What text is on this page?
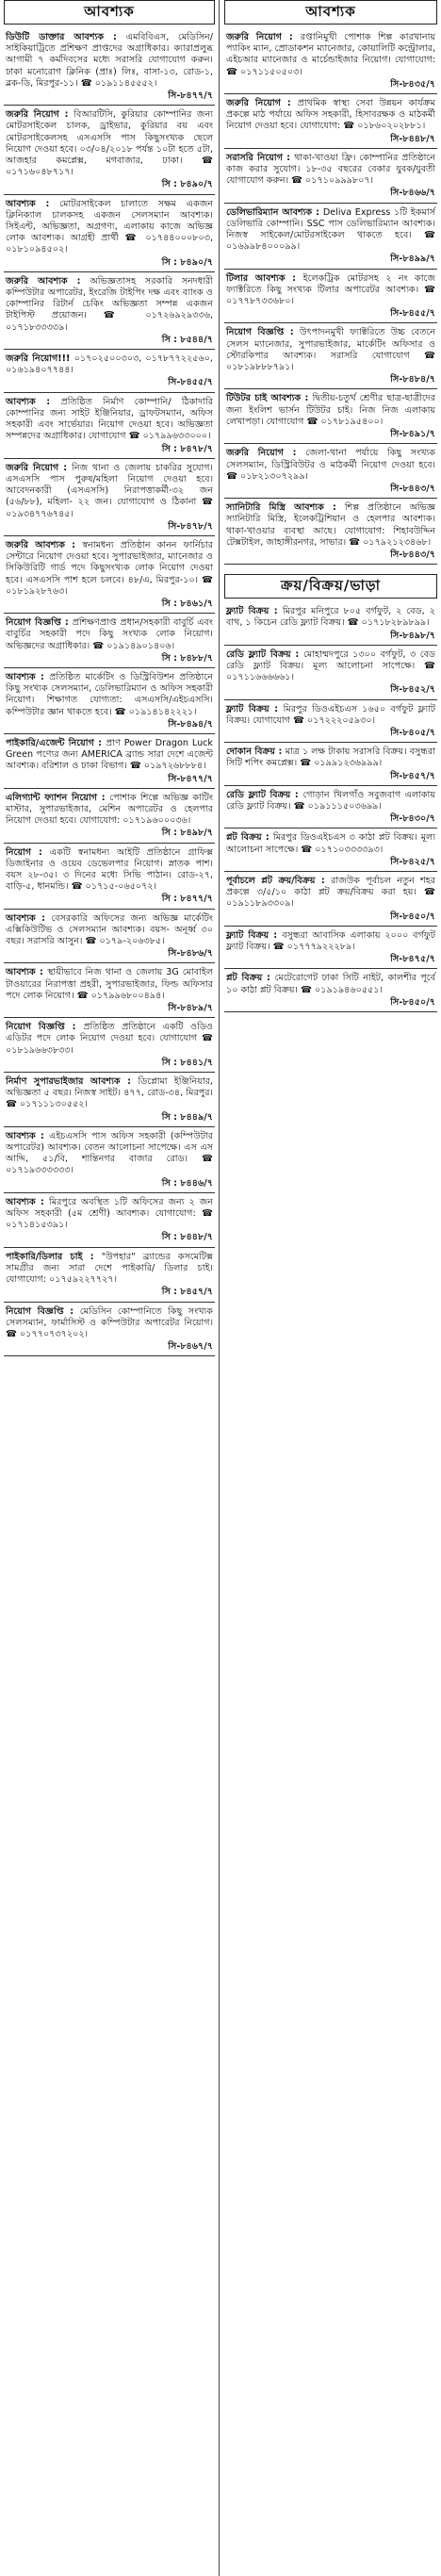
আবশ্যক
ডিউটি ডাক্তার আবশ্যক : এমবিবিএস, মেডিসিন/ সাইকিয়াট্রিতে প্রশিক্ষণ প্রাপ্তদের অগ্রাধিকার। ক্যারাপ্রলুব্ধ আগামী ৭ কর্মদিবসের মধ্যে সরাসরি যোগাযোগ করুন। ঢাকা মনোরোগ ক্লিনিক (প্রাঃ) লিঃ, বাসা-১৩, রোড-১, ব্লক-ডি, মিরপুর-১১। ☎ ০১৯১১৪৫৫৫২।
সি-৮৪৭৭/৭
জরুরি নিয়োগ : বিআরটিসি, কুরিয়ার কোম্পানির জন্য মোটরসাইকেল চালক, ড্রাইভার, কুরিয়ার বয় এবং মোটরসাইকেলসহ এসএসসি পাস কিছুসংখ্যক ছেলে নিয়োগ দেওয়া হবে। ০৩/০৪/২০১৮ পর্যন্ত ১০টা হতে ৫টা, আজহার কমপ্লেক্স, মগবাজার, ঢাকা। ☎ ০১৭১৬০৪৮৭১৭।
সি : ৮৪৯০/৭
আবশ্যক : মোটরসাইকেল চালাতে সক্ষম একজন ক্লিনিক্যাল চালকসহ একজন সেলসম্যান আবশ্যক। সিইএন্ট, অভিজ্ঞতা, অগ্রগণ্য, এলাকায় কাজে অভিজ্ঞ লোক আবশ্যক। আগ্রহী প্রার্থী ☎ ০১৭৪৪০০০৮০৩, ০১৮১০৯৪৫০২।
সি : ৮৪৯০/৭
জরুরি আবশ্যক : অভিজ্ঞতাসহ সরকারি সনদধারী কম্পিউটার অপারেটর, ইংরেজি টাইপিং দক্ষ এবং ব্যাংক ও কোম্পানির রিটার্ন চেকিং অভিজ্ঞতা সম্পন্ন একজন টাইপিস্ট প্রয়োজন। ☎ ০১৭২৬৯২৯৩৩৬, ০১৭১৮৩৩৩৩৯।
সি : ৮৫৪৪/৭
জরুরি নিয়োগ!!! ০১৭০২৫০০৩০৩, ০১৭৮৭৭২২৫৬০, ০১৬১৯৪০৭৭৪৪।
সি-৮৪৫৫/৭
আবশ্যক : প্রতিষ্ঠিত নির্মাণ কোম্পানি/ ঠিকাদারি কোম্পানির জন্য সাইট ইঞ্জিনিয়ার, ড্রাফটসম্যান, অফিস সহকারী এবং সার্ভেয়ার। নিয়োগ দেওয়া হবে। অভিজ্ঞতা সম্পন্নদের অগ্রাধিকার। যোগাযোগ ☎ ০১৭৯৯৬৩৩০০০।
সি : ৮৪৭৮/৭
জরুরি নিয়োগ : নিজ থানা ও জেলায় চাকরির সুযোগ। এসএসসি পাস পুরুষ/মহিলা নিয়োগ দেওয়া হবে। আবেদনকারী (এসএসসি) নিরাপত্তাকর্মী-৩২ জন (৫৬/৮৮), মহিলা- ২২ জন। যোগাযোগ ও ঠিকানা ☎ ০১৯৩৪৭৭৬৭৪৫।
সি-৮৪৭৮/৭
জরুরি আবশ্যক : স্বনামধন্য প্রতিষ্ঠান কানন ফার্নিচার সেন্টারে নিয়োগ দেওয়া হবে। সুপারভাইজার, ম্যানেজার ও সিকিউরিটি গার্ড পদে কিছুসংখ্যক লোক নিয়োগ দেওয়া হবে। এসএসসি পাশ হলে চলবে। ৪৮/এ, মিরপুর-১০। ☎ ০১৮১৯২৮৭৬৩।
সি : ৮৪৬১/৭
নিয়োগ বিজ্ঞপ্তি : প্রশিক্ষণপ্রাপ্ত প্রধান/সহকারী বাবুর্চি এবং বাবুর্চির সহকারী পদে কিছু সংখ্যক লোক নিয়োগ। অভিজ্ঞদের অগ্রাধিকার। ☎ ০১৯১৪৯০১৪০৬।
সি : ৮৪৮৮/৭
আবশ্যক : প্রতিষ্ঠিত মার্কেটিং ও ডিস্ট্রিবিউশন প্রতিষ্ঠানে কিছু সংখ্যক সেলসম্যান, ডেলিভারিম্যান ও অফিস সহকারী নিয়োগ। শিক্ষাগত যোগ্যতা: এসএসসি/এইচএসসি। কম্পিউটার জ্ঞান থাকতে হবে। ☎ ০১৯১৪১৪২২২১।
সি-৮৪৯৪/৭
পাইকারি/এজেন্ট নিয়োগ : প্রাণ Power Dragon Luck Green পণ্যের জন্য AMERICA ব্র্যান্ড সারা দেশে এজেন্ট আবশ্যক। বরিশাল ও ঢাকা বিভাগ। ☎ ০১৯৭২৬৮৮৮৪।
সি-৮৪৭৭/৭
এলিগ্যান্ট ফ্যাশন নিয়োগ : পোশাক শিল্পে অভিজ্ঞ কাটিং মাস্টার, সুপারভাইজার, মেশিন অপারেটর ও হেলপার নিয়োগ দেওয়া হবে। যোগাযোগ: ০১৭১৯৬০০০৩৬।
সি : ৮৪৯৮/৭
নিয়োগ : একটি স্বনামধন্য আইটি প্রতিষ্ঠানে গ্রাফিক্স ডিজাইনার ও ওয়েব ডেভেলপার নিয়োগ। স্নাতক পাশ। বয়স ২৮-৩৫। ৩ দিনের মধ্যে সিভি পাঠান। রোড-২৭, বাড়ি-৫, ধানমন্ডি। ☎ ০১৭১৫-০৬৫০৭২।
সি : ৮৪৭৭/৭
আবশ্যক : বেসরকারি অফিসের জন্য অভিজ্ঞ মার্কেটিং এক্সিকিউটিভ ও সেলসম্যান আবশ্যক। বয়স- অনূর্ধ্ব ৩০ বছর। সরাসরি আসুন। ☎ ০১৭৯-২০৬৩৮৫।
সি-৮৪৮৬/৭
আবশ্যক : স্থায়ীভাবে নিজ থানা ও জেলায় 3G মোবাইল টাওয়ারের নিরাপত্তা প্রহরী, সুপারভাইজার, ফিল্ড অফিসার পদে লোক নিয়োগ। ☎ ০১৭৯৯৬৮০০৪৯৪।
সি-৮৪৮৯/৭
নিয়োগ বিজ্ঞপ্তি : প্রতিষ্ঠিত প্রতিষ্ঠানে একটি ওডিও এডিটর পদে লোক নিয়োগ দেওয়া হবে। যোগাযোগ ☎ ০১৮১৯৬৬৩৮৩৩।
সি : ৮৪৪১/৭
নির্মাণ সুপারভাইজার আবশ্যক : ডিপ্লোমা ইঞ্জিনিয়ার, অভিজ্ঞতা ৫ বছর। নিজস্ব সাইট। ৪৭৭, রোড-৩৪, মিরপুর। ☎ ০১৭১১১৩০৫৫২।
সি : ৮৪৪৯/৭
আবশ্যক : এইচএসসি পাস অফিস সহকারী (কম্পিউটার অপারেটর) আবশ্যক। বেতন আলোচনা সাপেক্ষে। এস এস আদ্দি, ৫১/বি, শান্তিনগর বাজার রোড। ☎ ০১৭১৯৩৩৩৩৩৩।
সি : ৮৪৪৬/৭
আবশ্যক : মিরপুরে অবস্থিত ১টি অফিসের জন্য ২ জন অফিস সহকারী (৫ম শ্রেণী) আবশ্যক। যোগাযোগ: ☎ ০১৭১৪১৫৩৯১।
সি : ৮৪৪৮/৭
পাইকারি/ডিলার চাই : "উপহার" ব্র্যান্ডের কসমেটিক্স সামগ্রীর জন্য সারা দেশে পাইকারি/ ডিলার চাই। যোগাযোগ: ০১৭৫৯২২৭৭২৭।
সি : ৮৪৫৭/৭
নিয়োগ বিজ্ঞপ্তি : মেডিসিন কোম্পানিতে কিছু সংখ্যক সেলসম্যান, ফার্মাসিস্ট ও কম্পিউটার অপারেটর নিয়োগ। ☎ ০১৭৭০৭৩৭২০২।
সি-৮৪৬৭/৭
আবশ্যক
জরুরি নিয়োগ : রপ্তানিমুখী পোশাক শিল্প কারখানায় প্যাকিং ম্যান, প্রোডাকশন ম্যানেজার, কোয়ালিটি কন্ট্রোলার, এইচআর ম্যানেজার ও মার্চেন্ডাইজার নিয়োগ। যোগাযোগ: ☎ ০১৭১১৫০৫০৩।
সি-৮৪৩৫/৭
জরুরি নিয়োগ : প্রাথমিক স্বাস্থ্য সেবা উন্নয়ন কার্যক্রম প্রকল্পে মাঠ পর্যায়ে অফিস সহকারী, হিসাবরক্ষক ও মাঠকর্মী নিয়োগ দেওয়া হবে। যোগাযোগ: ☎ ০১৮৬০২০২৮৮১।
সি-৮৪৪৮/৭
সরাসরি নিয়োগ : থাকা-খাওয়া ফ্রি। কোম্পানির প্রতিষ্ঠানে কাজ করার সুযোগ। ১৮-৩৫ বছরের বেকার যুবক/যুবতী যোগাযোগ করুন। ☎ ০১৭১০৯৯৯৮০৭।
সি-৮৪৬৬/৭
ডেলিভারিম্যান আবশ্যক : Deliva Express ১টি ইকমার্স ডেলিভারি কোম্পানি। SSC পাস ডেলিভারিম্যান আবশ্যক। নিজস্ব সাইকেল/মোটরসাইকেল থাকতে হবে। ☎ ০১৬৯৯৮৪০০০৯৯।
সি-৮৪৯৯/৭
টিলার আবশ্যক : ইলেকট্রিক মোটরসহ ২ নং কাজে ফ্যাক্টরিতে কিছু সংখ্যক টিলার অপারেটর আবশ্যক। ☎ ০১৭৭৮৭৩৩৬৮০।
সি-৮৪৫৫/৭
নিয়োগ বিজ্ঞপ্তি : উৎপাদনমুখী ফ্যাক্টরিতে উচ্চ বেতনে সেলস ম্যানেজার, সুপারভাইজার, মার্কেটিং অফিসার ও স্টোরকিপার আবশ্যক। সরাসরি যোগাযোগ ☎ ০১৮১৯৮৮৮৭৯১।
সি-৮৪৮৪/৭
টিউটর চাই আবশ্যক : দ্বিতীয়-চতুর্থ শ্রেণীর ছাত্র-ছাত্রীদের জন্য ইংলিশ ভার্সন টিউটর চাই। নিজ নিজ এলাকায় লেখাপড়া। যোগাযোগ ☎ ০১৭৮১৯৫৪০০।
সি-৮৪৯১/৭
জরুরি নিয়োগ : জেলা-থানা পর্যায়ে কিছু সংখ্যক সেলসম্যান, ডিস্ট্রিবিউটর ও মাঠকর্মী নিয়োগ দেওয়া হবে। ☎ ০১৮২১৩০৭২৯৯।
সি-৮৪৪৩/৭
স্যানিটারি মিস্ত্রি আবশ্যক : শিল্প প্রতিষ্ঠানে অভিজ্ঞ স্যানিটারি মিস্ত্রি, ইলেকট্রিশিয়ান ও হেলপার আবশ্যক। থাকা-খাওয়ার ব্যবস্থা আছে। যোগাযোগ: শিহাবউদ্দিন টেক্সটাইল, জাহাঙ্গীরনগর, সাভার। ☎ ০১৭৯২১২৩৪৬৮।
সি-৮৪৪৩/৭
ক্রয়/বিক্রয়/ভাড়া
ফ্ল্যাট বিক্রয় : মিরপুর মনিপুরে ৮০৫ বর্গফুট, ২ বেড, ২ বাথ, ১ কিচেন রেডি ফ্ল্যাট বিক্রয়। ☎ ০১৭১৮২৮৯৮৯৯।
সি-৮৪৯৮/৭
রেডি ফ্ল্যাট বিক্রয় : মোহাম্মদপুরে ১৩০০ বর্গফুট, ৩ বেড রেডি ফ্ল্যাট বিক্রয়। মূল্য আলোচনা সাপেক্ষে। ☎ ০১৭১১৬৬৬৬৬১।
সি-৮৪৫২/৭
ফ্ল্যাট বিক্রয় : মিরপুর ডিওএইচএস ১৬৫০ বর্গফুট ফ্ল্যাট বিক্রয়। যোগাযোগ ☎ ০১৭২২২০৫৯৩০।
সি-৮৪০৫/৭
দোকান বিক্রয় : মাত্র ১ লক্ষ টাকায় সরাসরি বিক্রয়। বসুন্ধরা সিটি শপিং কমপ্লেক্স। ☎ ০১৯৯১২৩৬৯৯৯।
সি-৮৪৫৭/৭
রেডি ফ্ল্যাট বিক্রয় : গোড়ান খিলগাঁও সবুজবাগ এলাকায় রেডি ফ্ল্যাট বিক্রয়। ☎ ০১৯১১১৫০৩৬৯৯।
সি-৮৪৩০/৭
প্লট বিক্রয় : মিরপুর ডিওএইচএস ৩ কাঠা প্লট বিক্রয়। মূল্য আলোচনা সাপেক্ষে। ☎ ০১৭১০৩৩৩৩৯৩।
সি-৮৪২৫/৭
পূর্বাচলে প্লট ক্রয়/বিক্রয় : রাজউক পূর্বাচল নতুন শহর প্রকল্পে ৩/৫/১০ কাঠা প্লট ক্রয়/বিক্রয় করা হয়। ☎ ০১৯১১৮৯৩৩০৯।
সি-৮৪৫০/৭
ফ্ল্যাট বিক্রয় : বসুন্ধরা আবাসিক এলাকায় ২০০০ বর্গফুট ফ্ল্যাট বিক্রয়। ☎ ০১৭৭৭৯২২২৮৯।
সি-৮৪৭৫/৭
প্লট বিক্রয় : মেটেরোগেট ঢাকা সিটি নাইট, কালশীর পূর্বে ১০ কাঠা প্লট বিক্রয়। ☎ ০১৯১৯৪৬০৫৫১।
সি-৮৪৫০/৭
